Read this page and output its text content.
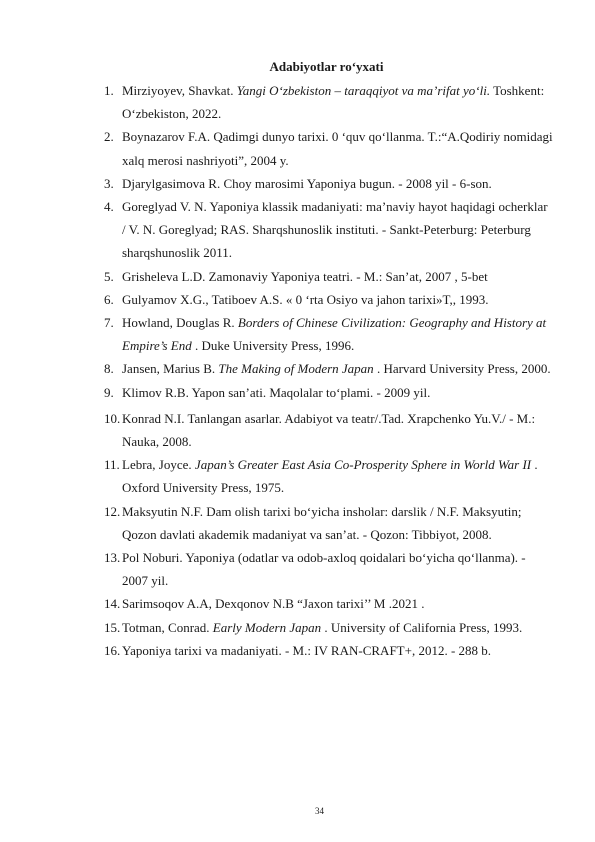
Adabiyotlar ro‘yxati
1. Mirziyoyev, Shavkat. Yangi O‘zbekiston – taraqqiyot va ma’rifat yo‘li. Toshkent: O‘zbekiston, 2022.
2. Boynazarov F.A. Qadimgi dunyo tarixi. 0 ‘quv qo‘llanma. T.:“A.Qodiriy nomidagi xalq merosi nashriyoti”, 2004 y.
3. Djarylgasimova R. Choy marosimi Yaponiya bugun. - 2008 yil - 6-son.
4. Goreglyad V. N. Yaponiya klassik madaniyati: ma’naviy hayot haqidagi ocherklar / V. N. Goreglyad; RAS. Sharqshunoslik instituti. - Sankt-Peterburg: Peterburg sharqshunoslik 2011.
5. Grisheleva L.D. Zamonaviy Yaponiya teatri. - M.: San’at, 2007 , 5-bet
6. Gulyamov X.G., Tatiboev A.S. « 0 ‘rta Osiyo va jahon tarixi»T,, 1993.
7. Howland, Douglas R. Borders of Chinese Civilization: Geography and History at Empire’s End . Duke University Press, 1996.
8. Jansen, Marius B. The Making of Modern Japan . Harvard University Press, 2000.
9. Klimov R.B. Yapon san’ati. Maqolalar to‘plami. - 2009 yil.
10. Konrad N.I. Tanlangan asarlar. Adabiyot va teatr/.Tad. Xrapchenko Yu.V./ - M.: Nauka, 2008.
11. Lebra, Joyce. Japan’s Greater East Asia Co-Prosperity Sphere in World War II . Oxford University Press, 1975.
12. Maksyutin N.F. Dam olish tarixi bo‘yicha insholar: darslik / N.F. Maksyutin; Qozon davlati akademik madaniyat va san’at. - Qozon: Tibbiyot, 2008.
13. Pol Noburi. Yaponiya (odatlar va odob-axloq qoidalari bo‘yicha qo‘llanma). - 2007 yil.
14. Sarimsoqov A.A, Dexqonov N.B “Jaxon tarixi’’ M .2021 .
15. Totman, Conrad. Early Modern Japan . University of California Press, 1993.
16. Yaponiya tarixi va madaniyati. - M.: IV RAN-CRAFT+, 2012. - 288 b.
34
